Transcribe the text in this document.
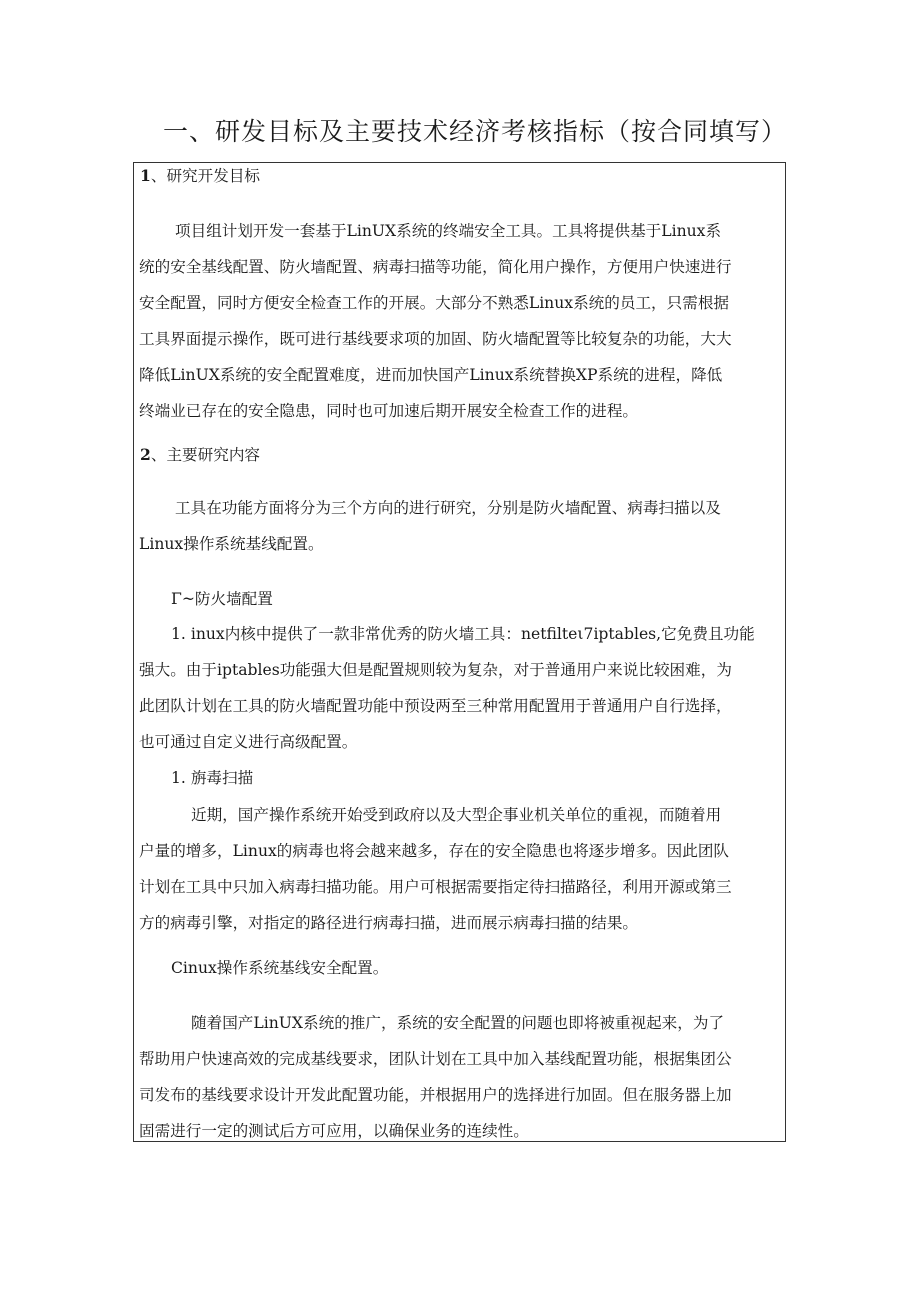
一、研发目标及主要技术经济考核指标（按合同填写）
1、研究开发目标
项目组计划开发一套基于LinUX系统的终端安全工具。工具将提供基于Linux系
统的安全基线配置、防火墙配置、病毒扫描等功能，简化用户操作，方便用户快速进行
安全配置，同时方便安全检查工作的开展。大部分不熟悉Linux系统的员工，只需根据
工具界面提示操作，既可进行基线要求项的加固、防火墙配置等比较复杂的功能，大大
降低LinUX系统的安全配置难度，进而加快国产Linux系统替换XP系统的进程，降低
终端业已存在的安全隐患，同时也可加速后期开展安全检查工作的进程。
2、主要研究内容
工具在功能方面将分为三个方向的进行研究，分别是防火墙配置、病毒扫描以及
Linux操作系统基线配置。
Γ~防火墙配置
1. inux内核中提供了一款非常优秀的防火墙工具：netfilteι7iptables,它免费且功能
强大。由于iptables功能强大但是配置规则较为复杂，对于普通用户来说比较困难，为
此团队计划在工具的防火墙配置功能中预设两至三种常用配置用于普通用户自行选择，
也可通过自定义进行高级配置。
1. 旃毒扫描
近期，国产操作系统开始受到政府以及大型企事业机关单位的重视，而随着用
户量的增多，Linux的病毒也将会越来越多，存在的安全隐患也将逐步增多。因此团队
计划在工具中只加入病毒扫描功能。用户可根据需要指定待扫描路径，利用开源或第三
方的病毒引擎，对指定的路径进行病毒扫描，进而展示病毒扫描的结果。
Cinux操作系统基线安全配置。
随着国产LinUX系统的推广，系统的安全配置的问题也即将被重视起来，为了
帮助用户快速高效的完成基线要求，团队计划在工具中加入基线配置功能，根据集团公
司发布的基线要求设计开发此配置功能，并根据用户的选择进行加固。但在服务器上加
固需进行一定的测试后方可应用，以确保业务的连续性。
